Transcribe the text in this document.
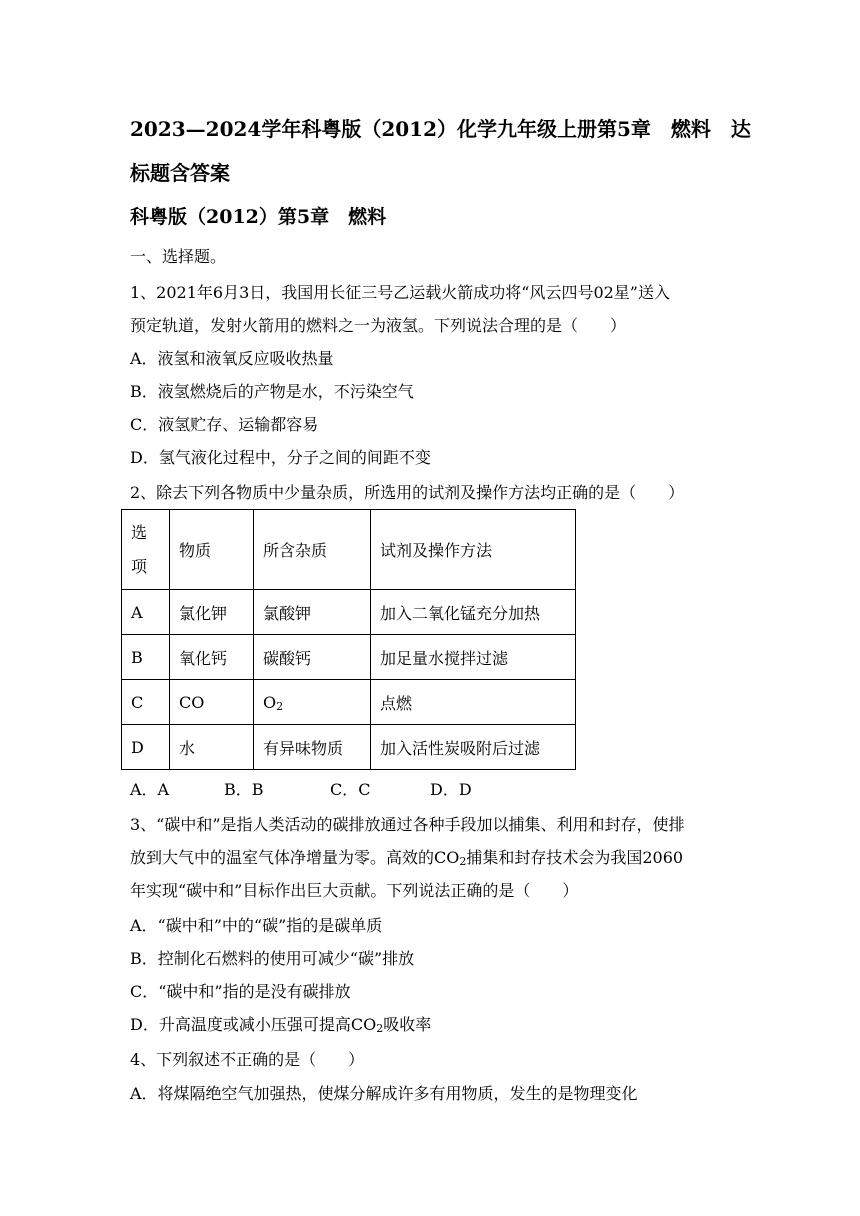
2023—2024学年科粤版（2012）化学九年级上册第5章　燃料　达
标题含答案
科粤版（2012）第5章　燃料
一、选择题。
1、2021年6月3日，我国用长征三号乙运载火箭成功将“风云四号02星”送入
预定轨道，发射火箭用的燃料之一为液氢。下列说法合理的是（　　）
A．液氢和液氧反应吸收热量
B．液氢燃烧后的产物是水，不污染空气
C．液氢贮存、运输都容易
D．氢气液化过程中，分子之间的间距不变
2、除去下列各物质中少量杂质，所选用的试剂及操作方法均正确的是（　　）
选项	物质	所含杂质	试剂及操作方法
A	氯化钾	氯酸钾	加入二氧化锰充分加热
B	氧化钙	碳酸钙	加足量水搅拌过滤
C	CO	$O_2$	点燃
D	水	有异味物质	加入活性炭吸附后过滤
A．A	B．B	C．C	D．D
3、“碳中和”是指人类活动的碳排放通过各种手段加以捕集、利用和封存，使排
放到大气中的温室气体净增量为零。高效的$CO_2$捕集和封存技术会为我国2060
年实现“碳中和”目标作出巨大贡献。下列说法正确的是（　　）
A．“碳中和”中的“碳”指的是碳单质
B．控制化石燃料的使用可减少“碳”排放
C．“碳中和”指的是没有碳排放
D．升高温度或减小压强可提高$CO_2$吸收率
4、下列叙述不正确的是（　　）
A．将煤隔绝空气加强热，使煤分解成许多有用物质，发生的是物理变化
